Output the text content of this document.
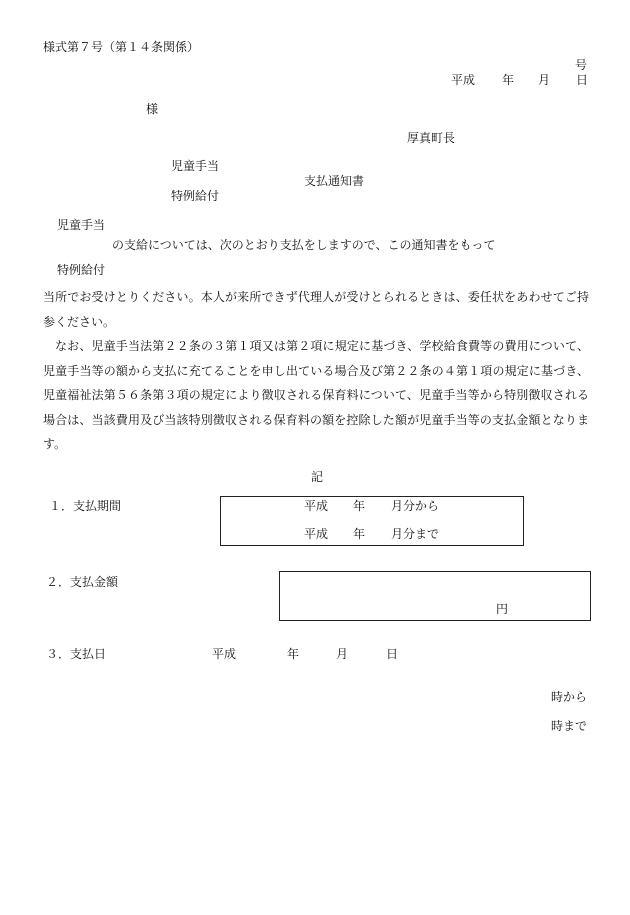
様式第７号（第１４条関係）
号
平成 年 月 日
様
厚真町長
児童手当
支払通知書
特例給付
児童手当
の支給については、次のとおり支払をしますので、この通知書をもって
特例給付
当所でお受けとりください。本人が来所できず代理人が受けとられるときは、委任状をあわせてご持参ください。
なお、児童手当法第２２条の３第１項又は第２項に規定に基づき、学校給食費等の費用について、児童手当等の額から支払に充てることを申し出ている場合及び第２２条の４第１項の規定に基づき、児童福祉法第５６条第３項の規定により徴収される保育料について、児童手当等から特別徴収される場合は、当該費用及び当該特別徴収される保育料の額を控除した額が児童手当等の支払金額となります。
記
１．支払期間	平成 年 月分から
平成 年 月分まで
２．支払金額
円
３．支払日	平成	年	月	日
時から
時まで
